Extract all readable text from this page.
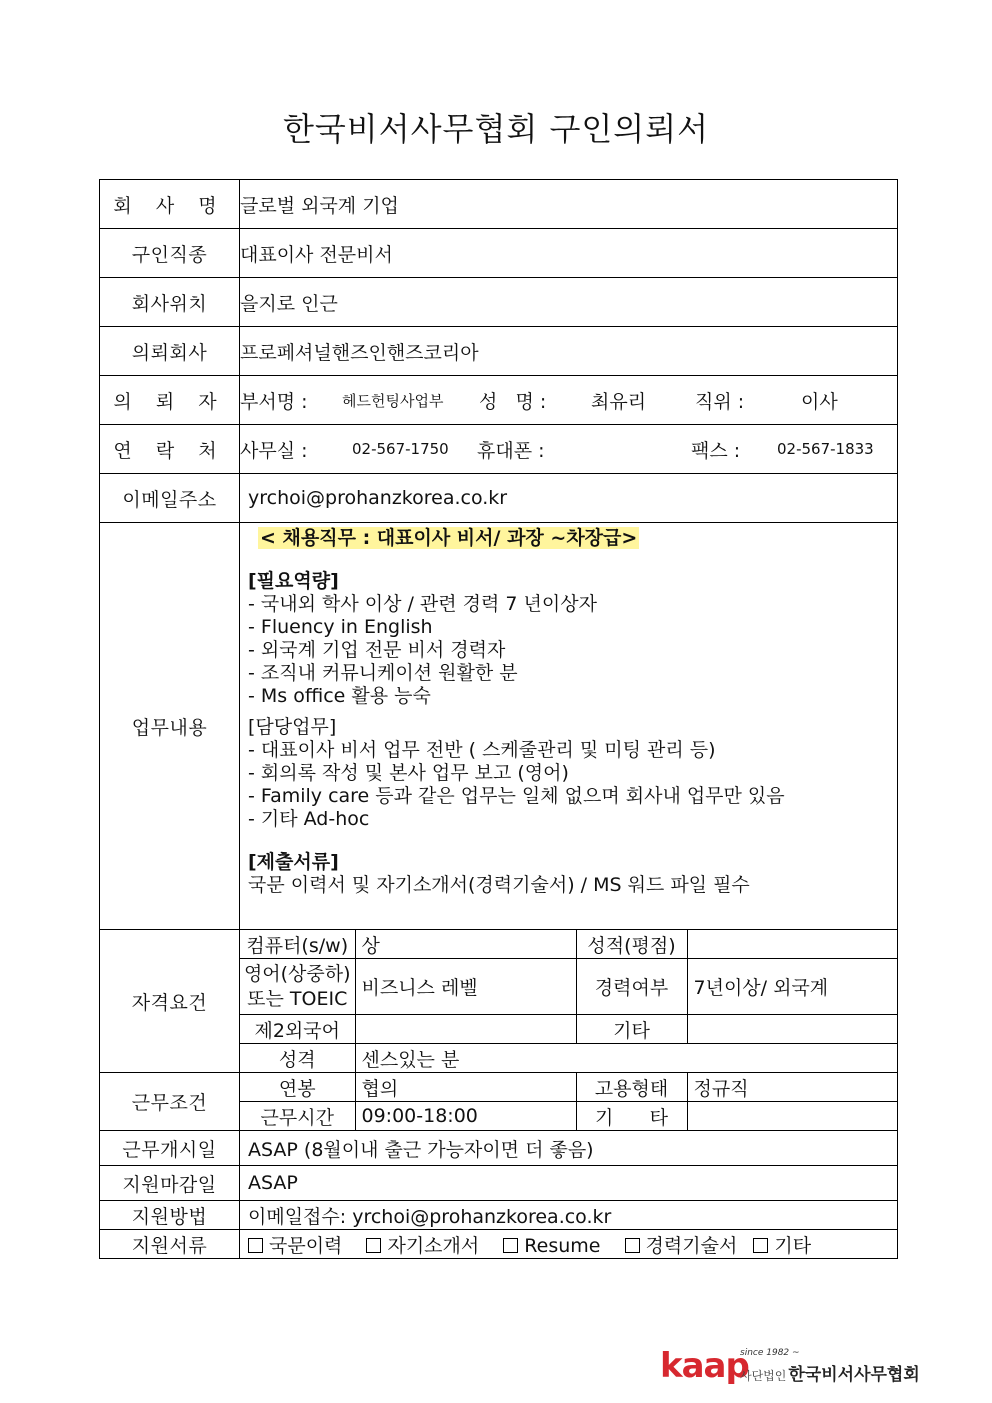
한국비서사무협회 구인의뢰서
회 사 명	글로벌 외국계 기업
구인직종	대표이사 전문비서
회사위치	을지로 인근
의뢰회사	프로페셔널핸즈인핸즈코리아
의 뢰 자	부서명 :	헤드헌팅사업부	성   명 :	최유리	직위 :	이사

연 락 처	사무실 :	02-567-1750	휴대폰 :	팩스 :	02-567-1833

이메일주소	yrchoi@prohanzkorea.co.kr
업무내용	
< 채용직무 : 대표이사 비서/ 과장 ~차장급>
[필요역량]
- 국내외 학사 이상 / 관련 경력 7 년이상자
- Fluency in English
- 외국계 기업 전문 비서 경력자
- 조직내 커뮤니케이션 원활한 분
- Ms office 활용 능숙
[담당업무]
- 대표이사 비서 업무 전반 ( 스케줄관리 및 미팅 관리 등)
- 회의록 작성 및 본사 업무 보고 (영어)
- Family care 등과 같은 업무는 일체 없으며 회사내 업무만 있음
- 기타 Ad-hoc
[제출서류]
국문 이력서 및 자기소개서(경력기술서) / MS 워드 파일 필수

자격요건	
컴퓨터(s/w)	상	성적(평점)	

영어(상중하)
또는 TOEIC	비즈니스 레벨	경력여부	7년이상/ 외국계
제2외국어		기타	
성격	센스있는 분

근무조건	
연봉	협의	고용형태	정규직
근무시간	09:00-18:00	기      타	

근무개시일	ASAP (8월이내 출근 가능자이면 더 좋음)
지원마감일	ASAP
지원방법	이메일접수: yrchoi@prohanzkorea.co.kr
지원서류	국문이력 자기소개서 Resume 경력기술서 기타
kaap
since 1982 ~
사단법인 한국비서사무협회
